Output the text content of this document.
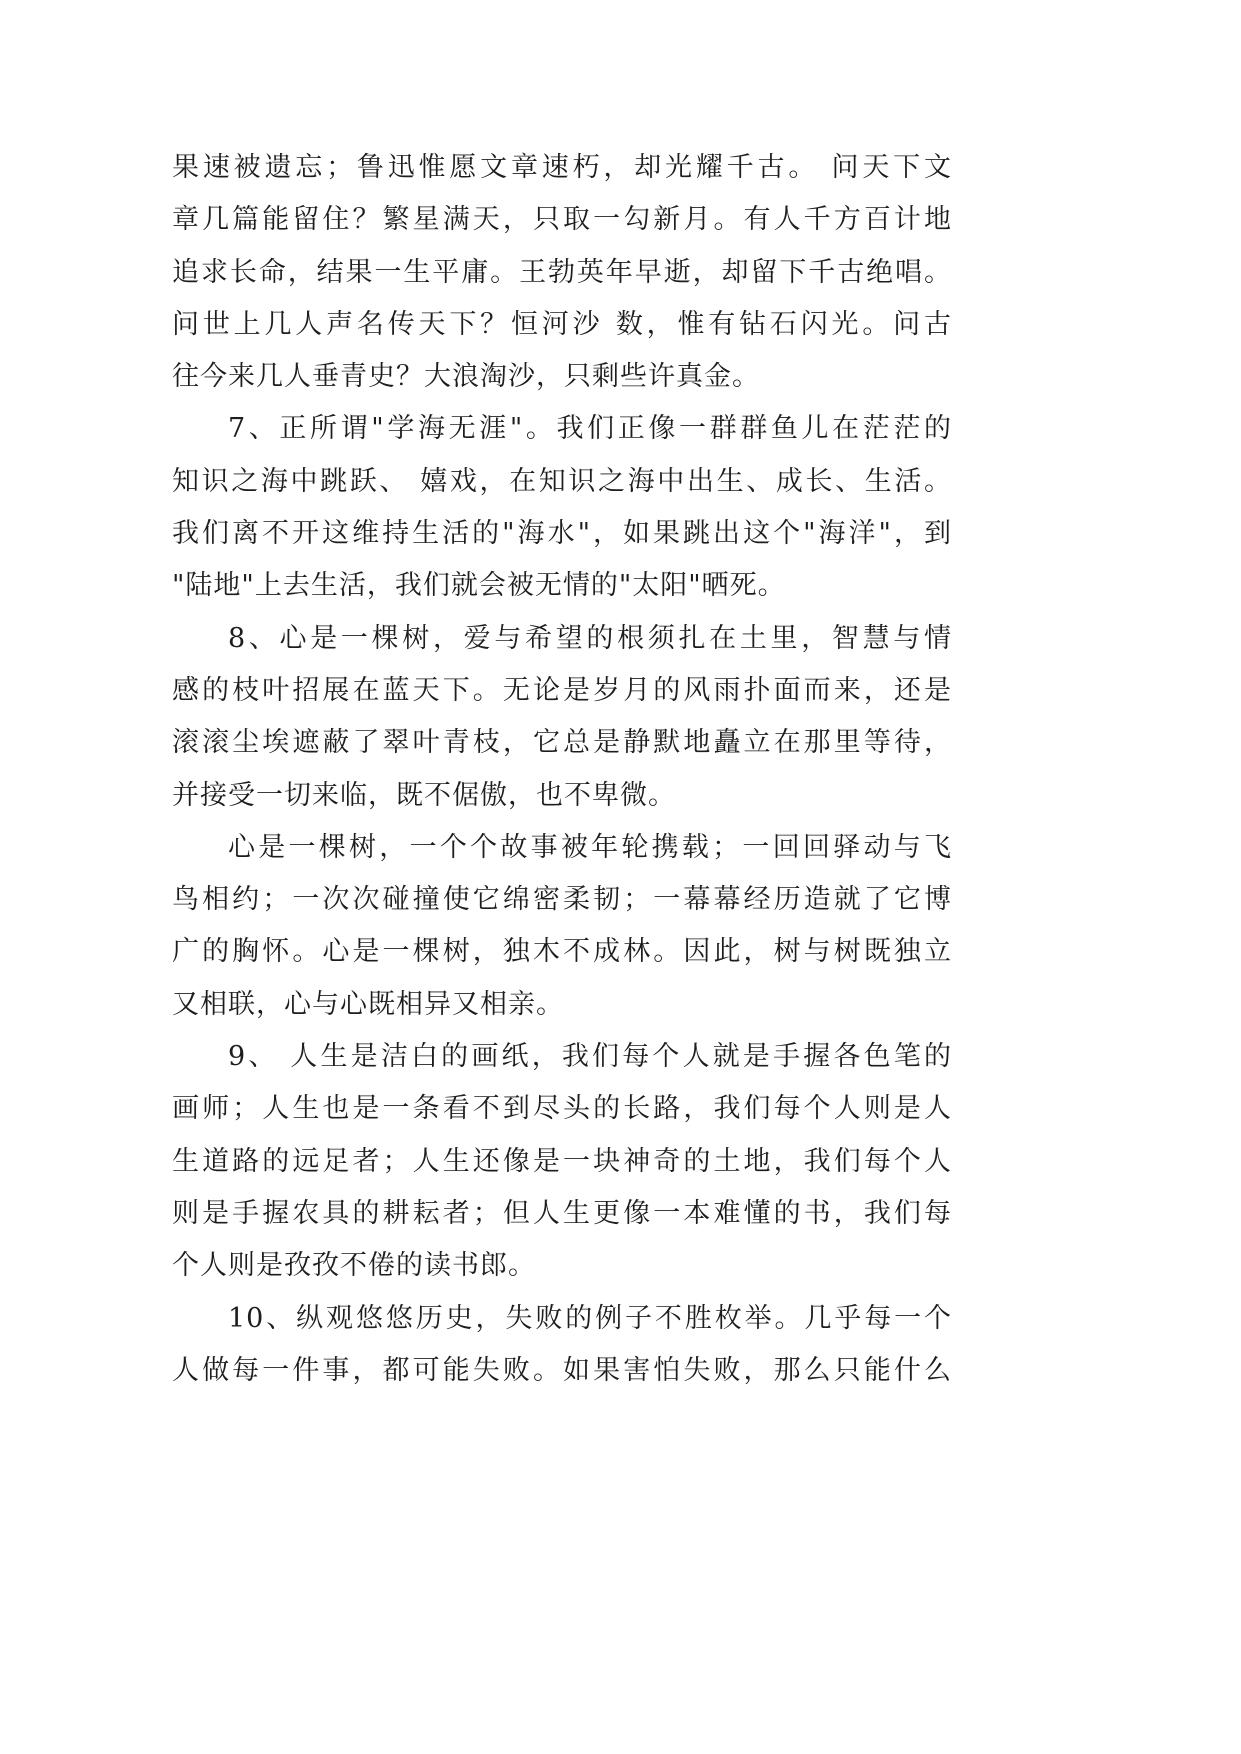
果速被遗忘；鲁迅惟愿文章速朽，却光耀千古。 问天下文
章几篇能留住？繁星满天，只取一勾新月。有人千方百计地
追求长命，结果一生平庸。王勃英年早逝，却留下千古绝唱。
问世上几人声名传天下？恒河沙 数，惟有钻石闪光。问古
往今来几人垂青史？大浪淘沙，只剩些许真金。
7、正所谓"学海无涯"。我们正像一群群鱼儿在茫茫的
知识之海中跳跃、 嬉戏，在知识之海中出生、成长、生活。
我们离不开这维持生活的"海水"，如果跳出这个"海洋"，到
"陆地"上去生活，我们就会被无情的"太阳"晒死。
8、心是一棵树，爱与希望的根须扎在土里，智慧与情
感的枝叶招展在蓝天下。无论是岁月的风雨扑面而来，还是
滚滚尘埃遮蔽了翠叶青枝，它总是静默地矗立在那里等待，
并接受一切来临，既不倨傲，也不卑微。
心是一棵树，一个个故事被年轮携载；一回回驿动与飞
鸟相约；一次次碰撞使它绵密柔韧；一幕幕经历造就了它博
广的胸怀。心是一棵树，独木不成林。因此，树与树既独立
又相联，心与心既相异又相亲。
9、 人生是洁白的画纸，我们每个人就是手握各色笔的
画师；人生也是一条看不到尽头的长路，我们每个人则是人
生道路的远足者；人生还像是一块神奇的土地，我们每个人
则是手握农具的耕耘者；但人生更像一本难懂的书，我们每
个人则是孜孜不倦的读书郎。
10、纵观悠悠历史，失败的例子不胜枚举。几乎每一个
人做每一件事，都可能失败。如果害怕失败，那么只能什么
